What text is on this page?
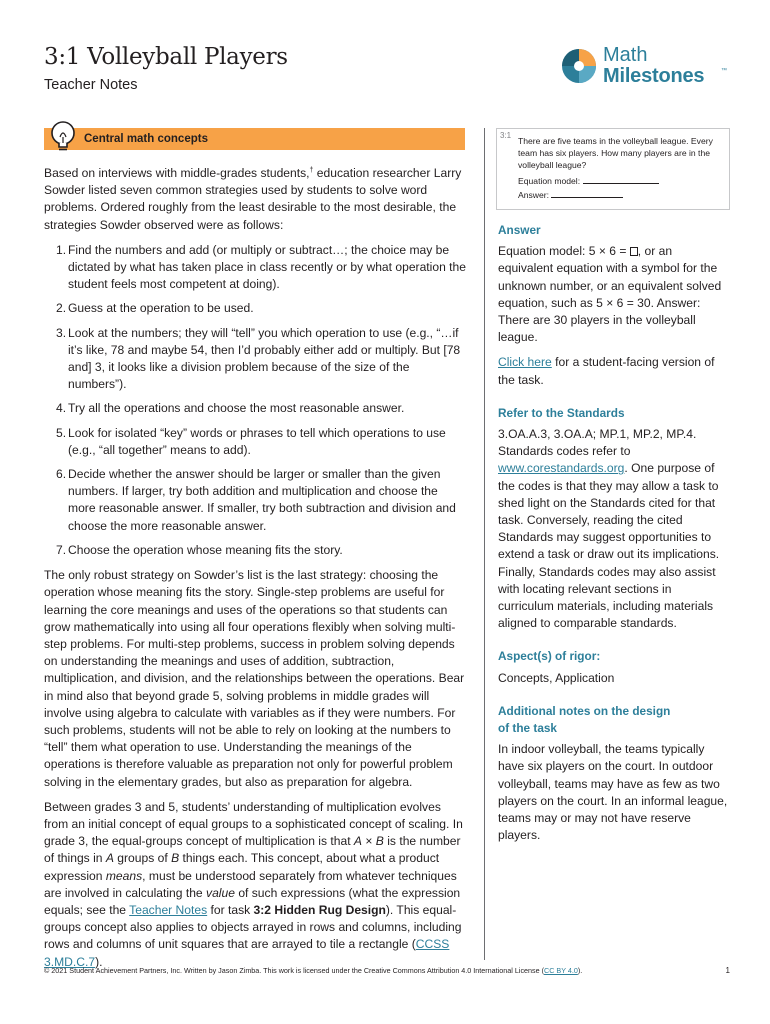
3:1 Volleyball Players
Teacher Notes
Math
Milestones	™
Central math concepts

Based on interviews with middle-grades students,† education researcher Larry Sowder listed seven common strategies used by students to solve word problems. Ordered roughly from the least desirable to the most desirable, the strategies Sowder observed were as follows:

1. Find the numbers and add (or multiply or subtract…; the choice may be dictated by what has taken place in class recently or by what operation the student feels most competent at doing).
2. Guess at the operation to be used.
3. Look at the numbers; they will “tell” you which operation to use (e.g., “…if it’s like, 78 and maybe 54, then I’d probably either add or multiply. But [78 and] 3, it looks like a division problem because of the size of the numbers”).
4. Try all the operations and choose the most reasonable answer.
5. Look for isolated “key” words or phrases to tell which operations to use (e.g., “all together” means to add).
6. Decide whether the answer should be larger or smaller than the given numbers. If larger, try both addition and multiplication and choose the more reasonable answer. If smaller, try both subtraction and division and choose the more reasonable answer.
7. Choose the operation whose meaning fits the story.

The only robust strategy on Sowder’s list is the last strategy: choosing the operation whose meaning fits the story. Single-step problems are useful for learning the core meanings and uses of the operations so that students can grow mathematically into using all four operations flexibly when solving multi-step problems. For multi-step problems, success in problem solving depends on understanding the meanings and uses of addition, subtraction, multiplication, and division, and the relationships between the operations. Bear in mind also that beyond grade 5, solving problems in middle grades will involve using algebra to calculate with variables as if they were numbers. For such problems, students will not be able to rely on looking at the numbers to “tell” them what operation to use. Understanding the meanings of the operations is therefore valuable as preparation not only for powerful problem solving in the elementary grades, but also as preparation for algebra.

Between grades 3 and 5, students’ understanding of multiplication evolves from an initial concept of equal groups to a sophisticated concept of scaling. In grade 3, the equal-groups concept of multiplication is that A × B is the number of things in A groups of B things each. This concept, about what a product expression means, must be understood separately from whatever techniques are involved in calculating the value of such expressions (what the expression equals; see the Teacher Notes for task 3:2 Hidden Rug Design). This equal-groups concept also applies to objects arrayed in rows and columns, including rows and columns of unit squares that are arrayed to tile a rectangle (CCSS 3.MD.C.7).

3:1
There are five teams in the volleyball league. Every team has six players. How many players are in the volleyball league?
Equation model:
Answer:
Answer

Equation model: 5 × 6 = , or an equivalent equation with a symbol for the unknown number, or an equivalent solved equation, such as 5 × 6 = 30. Answer: There are 30 players in the volleyball league.

Click here for a student-facing version of the task.

Refer to the Standards

3.OA.A.3, 3.OA.A; MP.1, MP.2, MP.4. Standards codes refer to www.corestandards.org. One purpose of the codes is that they may allow a task to shed light on the Standards cited for that task. Conversely, reading the cited Standards may suggest opportunities to extend a task or draw out its implications. Finally, Standards codes may also assist with locating relevant sections in curriculum materials, including materials aligned to comparable standards.

Aspect(s) of rigor:

Concepts, Application

Additional notes on the design
of the task

In indoor volleyball, the teams typically have six players on the court. In outdoor volleyball, teams may have as few as two players on the court. In an informal league, teams may or may not have reserve players.

© 2021 Student Achievement Partners, Inc. Written by Jason Zimba. This work is licensed under the Creative Commons Attribution 4.0 International License (CC BY 4.0).	1
